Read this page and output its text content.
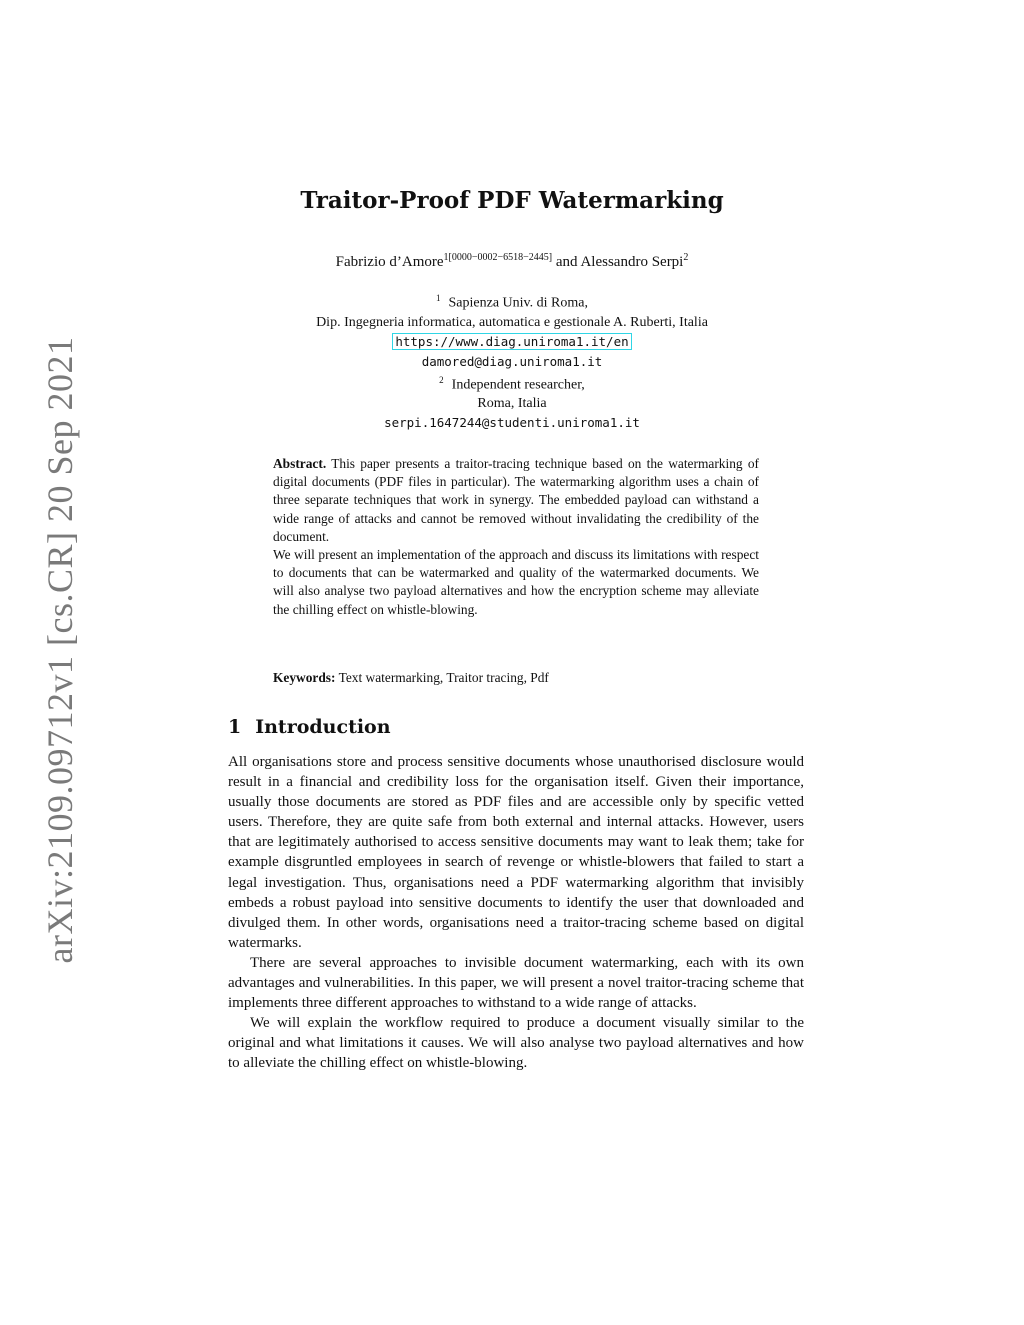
arXiv:2109.09712v1 [cs.CR] 20 Sep 2021
Traitor-Proof PDF Watermarking
Fabrizio d’Amore$^{1[0000-0002-6518-2445]}$ and Alessandro Serpi$^2$
$^1$ Sapienza Univ. di Roma,
Dip. Ingegneria informatica, automatica e gestionale A. Ruberti, Italia
https://www.diag.uniroma1.it/en
damored@diag.uniroma1.it
$^2$ Independent researcher,
Roma, Italia
serpi.1647244@studenti.uniroma1.it

Abstract. This paper presents a traitor-tracing technique based on the watermarking of digital documents (PDF files in particular). The watermarking algorithm uses a chain of three separate techniques that work in synergy. The embedded payload can withstand a wide range of attacks and cannot be removed without invalidating the credibility of the document.

We will present an implementation of the approach and discuss its limitations with respect to documents that can be watermarked and quality of the watermarked documents. We will also analyse two payload alternatives and how the encryption scheme may alleviate the chilling effect on whistle-blowing.

Keywords: Text watermarking, Traitor tracing, Pdf
1 Introduction

All organisations store and process sensitive documents whose unauthorised disclosure would result in a financial and credibility loss for the organisation itself. Given their importance, usually those documents are stored as PDF files and are accessible only by specific vetted users. Therefore, they are quite safe from both external and internal attacks. However, users that are legitimately authorised to access sensitive documents may want to leak them; take for example disgruntled employees in search of revenge or whistle-blowers that failed to start a legal investigation. Thus, organisations need a PDF watermarking algorithm that invisibly embeds a robust payload into sensitive documents to identify the user that downloaded and divulged them. In other words, organisations need a traitor-tracing scheme based on digital watermarks.

There are several approaches to invisible document watermarking, each with its own advantages and vulnerabilities. In this paper, we will present a novel traitor-tracing scheme that implements three different approaches to withstand to a wide range of attacks.

We will explain the workflow required to produce a document visually similar to the original and what limitations it causes. We will also analyse two payload alternatives and how to alleviate the chilling effect on whistle-blowing.
